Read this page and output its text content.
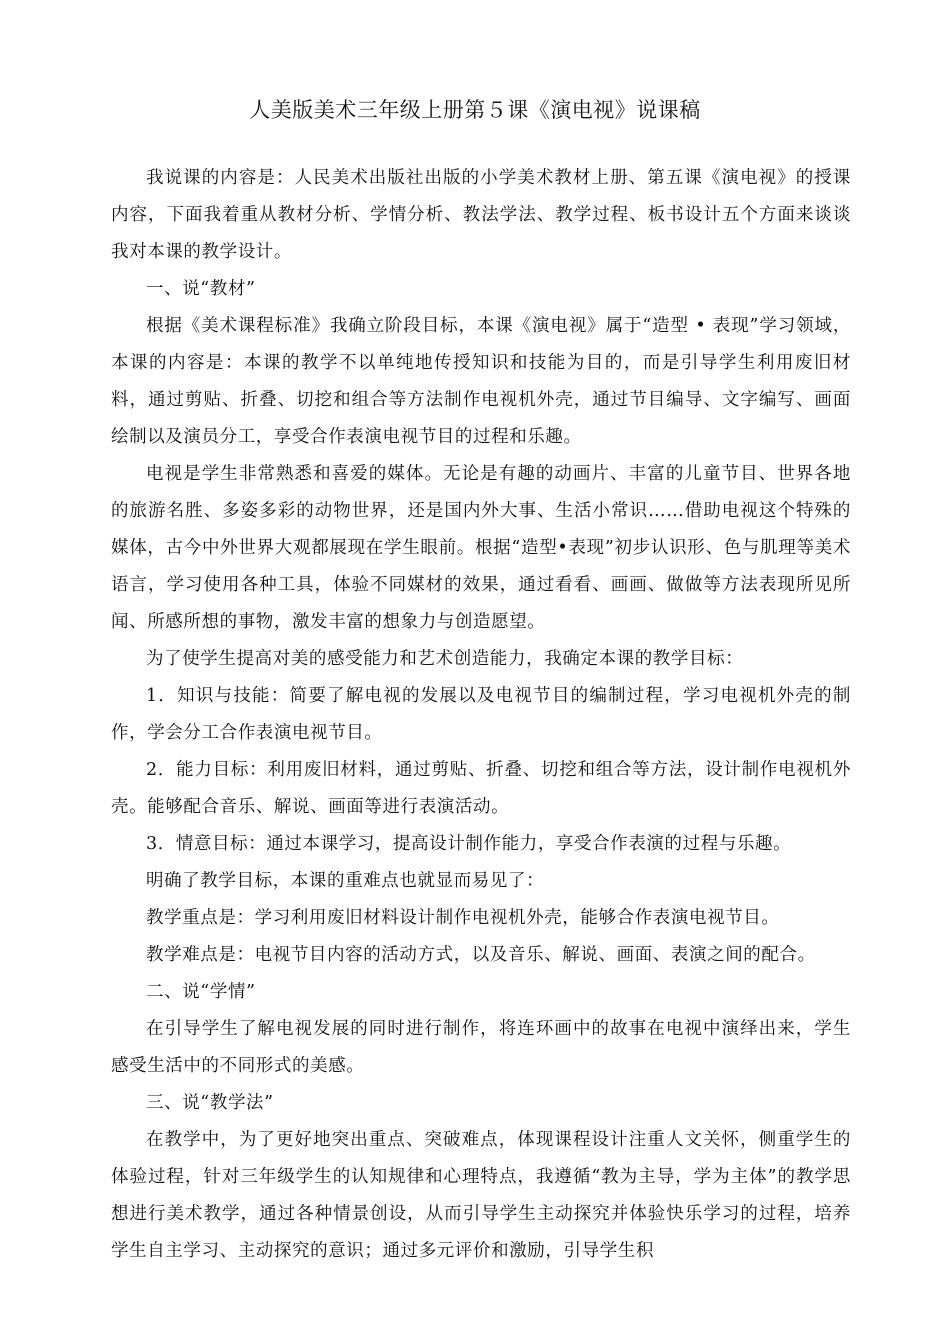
人美版美术三年级上册第５课《演电视》说课稿

我说课的内容是：人民美术出版社出版的小学美术教材上册、第五课《演电视》的授课内容，下面我着重从教材分析、学情分析、教法学法、教学过程、板书设计五个方面来谈谈我对本课的教学设计。

一、说“教材”

根据《美术课程标准》我确立阶段目标，本课《演电视》属于“造型 • 表现”学习领域，本课的内容是：本课的教学不以单纯地传授知识和技能为目的，而是引导学生利用废旧材料，通过剪贴、折叠、切挖和组合等方法制作电视机外壳，通过节目编导、文字编写、画面绘制以及演员分工，享受合作表演电视节目的过程和乐趣。

电视是学生非常熟悉和喜爱的媒体。无论是有趣的动画片、丰富的儿童节目、世界各地的旅游名胜、多姿多彩的动物世界，还是国内外大事、生活小常识……借助电视这个特殊的媒体，古今中外世界大观都展现在学生眼前。根据“造型•表现”初步认识形、色与肌理等美术语言，学习使用各种工具，体验不同媒材的效果，通过看看、画画、做做等方法表现所见所闻、所感所想的事物，激发丰富的想象力与创造愿望。

为了使学生提高对美的感受能力和艺术创造能力，我确定本课的教学目标：

1．知识与技能：简要了解电视的发展以及电视节目的编制过程，学习电视机外壳的制作，学会分工合作表演电视节目。

2．能力目标：利用废旧材料，通过剪贴、折叠、切挖和组合等方法，设计制作电视机外壳。能够配合音乐、解说、画面等进行表演活动。

3．情意目标：通过本课学习，提高设计制作能力，享受合作表演的过程与乐趣。

明确了教学目标，本课的重难点也就显而易见了：

教学重点是：学习利用废旧材料设计制作电视机外壳，能够合作表演电视节目。

教学难点是：电视节目内容的活动方式，以及音乐、解说、画面、表演之间的配合。

二、说“学情”

在引导学生了解电视发展的同时进行制作，将连环画中的故事在电视中演绎出来，学生感受生活中的不同形式的美感。

三、说“教学法”

在教学中，为了更好地突出重点、突破难点，体现课程设计注重人文关怀，侧重学生的体验过程，针对三年级学生的认知规律和心理特点，我遵循“教为主导，学为主体”的教学思想进行美术教学，通过各种情景创设，从而引导学生主动探究并体验快乐学习的过程，培养学生自主学习、主动探究的意识；通过多元评价和激励，引导学生积
